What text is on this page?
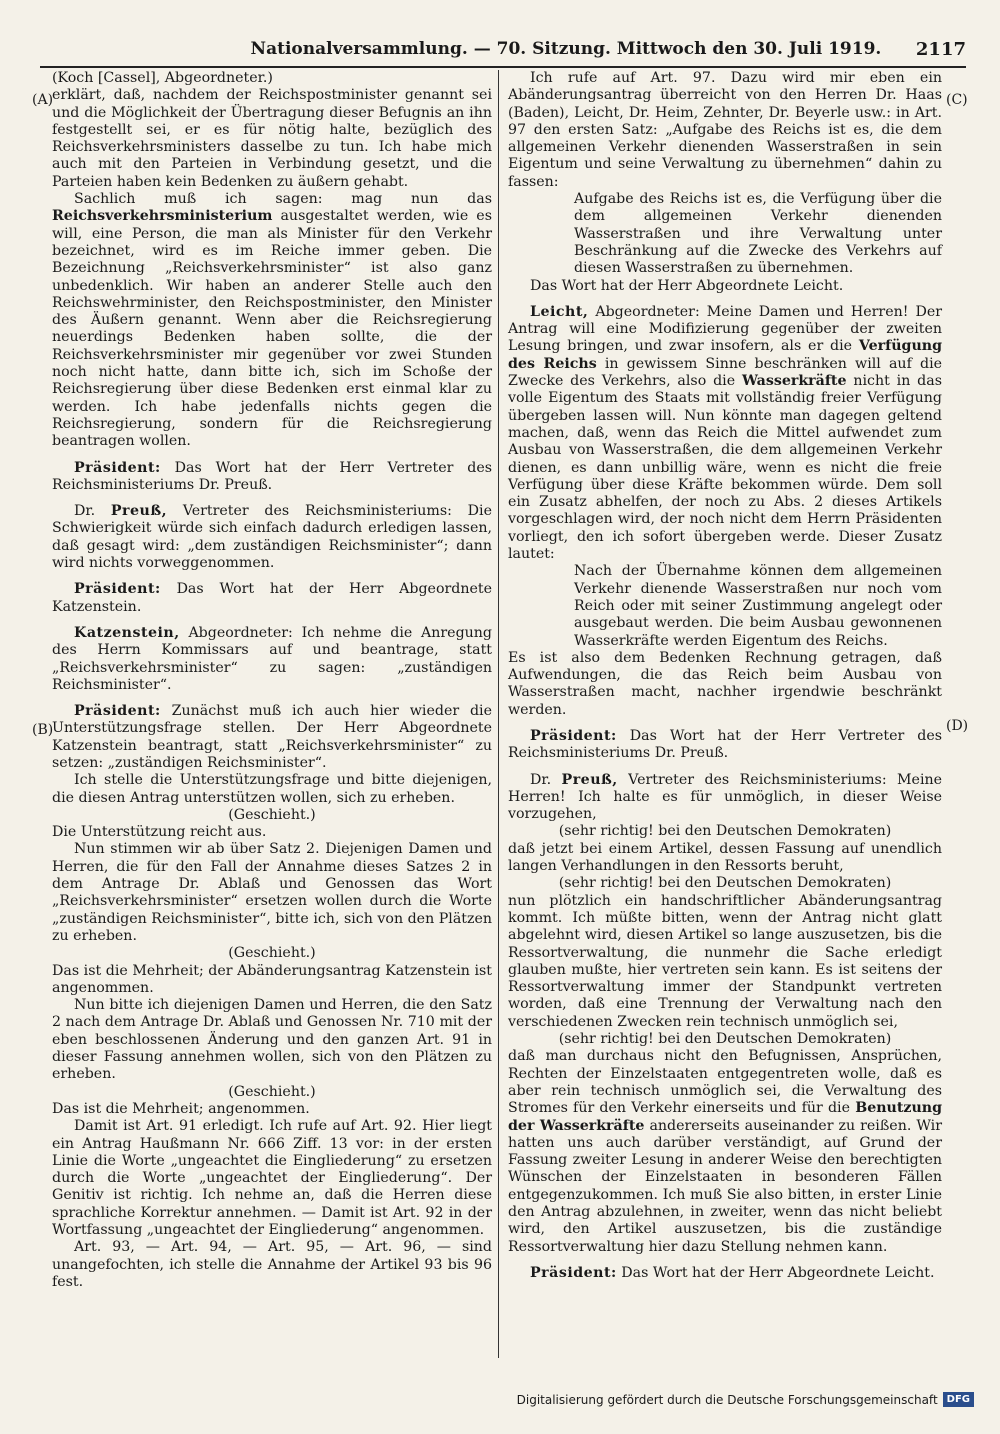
Nationalversammlung. — 70. Sitzung. Mittwoch den 30. Juli 1919.	2117
(A)
(B)
(C)
(D)

(Koch [Cassel], Abgeordneter.)

erklärt, daß, nachdem der Reichspostminister genannt sei und die Möglichkeit der Übertragung dieser Befugnis an ihn festgestellt sei, er es für nötig halte, bezüglich des Reichsverkehrsministers dasselbe zu tun. Ich habe mich auch mit den Parteien in Verbindung gesetzt, und die Parteien haben kein Bedenken zu äußern gehabt.

Sachlich muß ich sagen: mag nun das Reichsverkehrsministerium ausgestaltet werden, wie es will, eine Person, die man als Minister für den Verkehr bezeichnet, wird es im Reiche immer geben. Die Bezeichnung „Reichsverkehrsminister“ ist also ganz unbedenklich. Wir haben an anderer Stelle auch den Reichswehrminister, den Reichspostminister, den Minister des Äußern genannt. Wenn aber die Reichsregierung neuerdings Bedenken haben sollte, die der Reichsverkehrsminister mir gegenüber vor zwei Stunden noch nicht hatte, dann bitte ich, sich im Schoße der Reichsregierung über diese Bedenken erst einmal klar zu werden. Ich habe jedenfalls nichts gegen die Reichsregierung, sondern für die Reichsregierung beantragen wollen.

Präsident: Das Wort hat der Herr Vertreter des Reichsministeriums Dr. Preuß.

Dr. Preuß, Vertreter des Reichsministeriums: Die Schwierigkeit würde sich einfach dadurch erledigen lassen, daß gesagt wird: „dem zuständigen Reichsminister“; dann wird nichts vorweggenommen.

Präsident: Das Wort hat der Herr Abgeordnete Katzenstein.

Katzenstein, Abgeordneter: Ich nehme die Anregung des Herrn Kommissars auf und beantrage, statt „Reichsverkehrsminister“ zu sagen: „zuständigen Reichsminister“.

Präsident: Zunächst muß ich auch hier wieder die Unterstützungsfrage stellen. Der Herr Abgeordnete Katzenstein beantragt, statt „Reichsverkehrsminister“ zu setzen: „zuständigen Reichsminister“.

Ich stelle die Unterstützungsfrage und bitte diejenigen, die diesen Antrag unterstützen wollen, sich zu erheben.

(Geschieht.)

Die Unterstützung reicht aus.

Nun stimmen wir ab über Satz 2. Diejenigen Damen und Herren, die für den Fall der Annahme dieses Satzes 2 in dem Antrage Dr. Ablaß und Genossen das Wort „Reichsverkehrsminister“ ersetzen wollen durch die Worte „zuständigen Reichsminister“, bitte ich, sich von den Plätzen zu erheben.

(Geschieht.)

Das ist die Mehrheit; der Abänderungsantrag Katzenstein ist angenommen.

Nun bitte ich diejenigen Damen und Herren, die den Satz 2 nach dem Antrage Dr. Ablaß und Genossen Nr. 710 mit der eben beschlossenen Änderung und den ganzen Art. 91 in dieser Fassung annehmen wollen, sich von den Plätzen zu erheben.

(Geschieht.)

Das ist die Mehrheit; angenommen.

Damit ist Art. 91 erledigt. Ich rufe auf Art. 92. Hier liegt ein Antrag Haußmann Nr. 666 Ziff. 13 vor: in der ersten Linie die Worte „ungeachtet die Eingliederung“ zu ersetzen durch die Worte „ungeachtet der Eingliederung“. Der Genitiv ist richtig. Ich nehme an, daß die Herren diese sprachliche Korrektur annehmen. — Damit ist Art. 92 in der Wortfassung „ungeachtet der Eingliederung“ angenommen.

Art. 93, — Art. 94, — Art. 95, — Art. 96, — sind unangefochten, ich stelle die Annahme der Artikel 93 bis 96 fest.

Ich rufe auf Art. 97. Dazu wird mir eben ein Abänderungsantrag überreicht von den Herren Dr. Haas (Baden), Leicht, Dr. Heim, Zehnter, Dr. Beyerle usw.: in Art. 97 den ersten Satz: „Aufgabe des Reichs ist es, die dem allgemeinen Verkehr dienenden Wasserstraßen in sein Eigentum und seine Verwaltung zu übernehmen“ dahin zu fassen:

Aufgabe des Reichs ist es, die Verfügung über die dem allgemeinen Verkehr dienenden Wasserstraßen und ihre Verwaltung unter Beschränkung auf die Zwecke des Verkehrs auf diesen Wasserstraßen zu übernehmen.

Das Wort hat der Herr Abgeordnete Leicht.

Leicht, Abgeordneter: Meine Damen und Herren! Der Antrag will eine Modifizierung gegenüber der zweiten Lesung bringen, und zwar insofern, als er die Verfügung des Reichs in gewissem Sinne beschränken will auf die Zwecke des Verkehrs, also die Wasserkräfte nicht in das volle Eigentum des Staats mit vollständig freier Verfügung übergeben lassen will. Nun könnte man dagegen geltend machen, daß, wenn das Reich die Mittel aufwendet zum Ausbau von Wasserstraßen, die dem allgemeinen Verkehr dienen, es dann unbillig wäre, wenn es nicht die freie Verfügung über diese Kräfte bekommen würde. Dem soll ein Zusatz abhelfen, der noch zu Abs. 2 dieses Artikels vorgeschlagen wird, der noch nicht dem Herrn Präsidenten vorliegt, den ich sofort übergeben werde. Dieser Zusatz lautet:

Nach der Übernahme können dem allgemeinen Verkehr dienende Wasserstraßen nur noch vom Reich oder mit seiner Zustimmung angelegt oder ausgebaut werden. Die beim Ausbau gewonnenen Wasserkräfte werden Eigentum des Reichs.

Es ist also dem Bedenken Rechnung getragen, daß Aufwendungen, die das Reich beim Ausbau von Wasserstraßen macht, nachher irgendwie beschränkt werden.

Präsident: Das Wort hat der Herr Vertreter des Reichsministeriums Dr. Preuß.

Dr. Preuß, Vertreter des Reichsministeriums: Meine Herren! Ich halte es für unmöglich, in dieser Weise vorzugehen,

(sehr richtig! bei den Deutschen Demokraten)

daß jetzt bei einem Artikel, dessen Fassung auf unendlich langen Verhandlungen in den Ressorts beruht,

(sehr richtig! bei den Deutschen Demokraten)

nun plötzlich ein handschriftlicher Abänderungsantrag kommt. Ich müßte bitten, wenn der Antrag nicht glatt abgelehnt wird, diesen Artikel so lange auszusetzen, bis die Ressortverwaltung, die nunmehr die Sache erledigt glauben mußte, hier vertreten sein kann. Es ist seitens der Ressortverwaltung immer der Standpunkt vertreten worden, daß eine Trennung der Verwaltung nach den verschiedenen Zwecken rein technisch unmöglich sei,

(sehr richtig! bei den Deutschen Demokraten)

daß man durchaus nicht den Befugnissen, Ansprüchen, Rechten der Einzelstaaten entgegentreten wolle, daß es aber rein technisch unmöglich sei, die Verwaltung des Stromes für den Verkehr einerseits und für die Benutzung der Wasserkräfte andererseits auseinander zu reißen. Wir hatten uns auch darüber verständigt, auf Grund der Fassung zweiter Lesung in anderer Weise den berechtigten Wünschen der Einzelstaaten in besonderen Fällen entgegenzukommen. Ich muß Sie also bitten, in erster Linie den Antrag abzulehnen, in zweiter, wenn das nicht beliebt wird, den Artikel auszusetzen, bis die zuständige Ressortverwaltung hier dazu Stellung nehmen kann.

Präsident: Das Wort hat der Herr Abgeordnete Leicht.

Digitalisierung gefördert durch die Deutsche Forschungsgemeinschaft DFG
